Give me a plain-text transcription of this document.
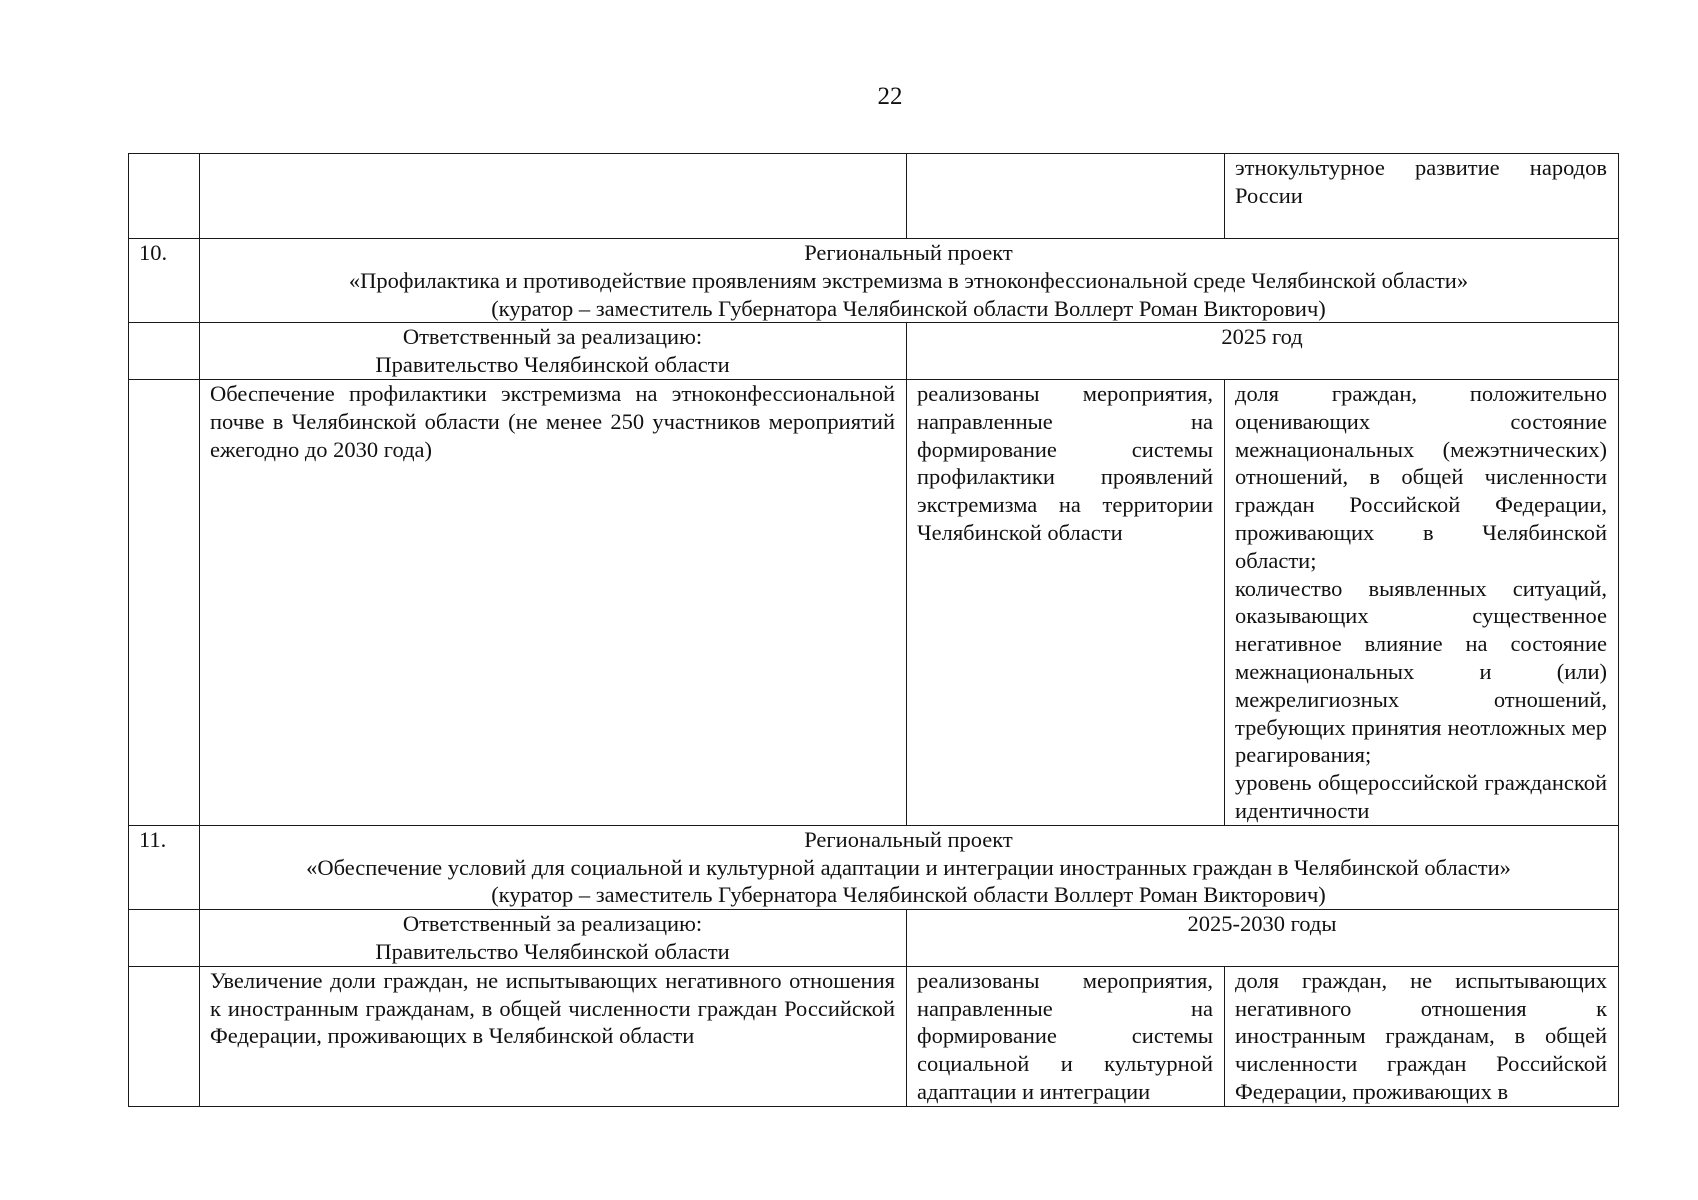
22
			этнокультурное развитие народов России
10.	Региональный проект
«Профилактика и противодействие проявлениям экстремизма в этноконфессиональной среде Челябинской области»
(куратор – заместитель Губернатора Челябинской области Воллерт Роман Викторович)		

	Ответственный за реализацию:
Правительство Челябинской области	2025 год	
	Обеспечение профилактики экстремизма на этноконфессиональной почве в Челябинской области (не менее 250 участников мероприятий ежегодно до 2030 года)	реализованы мероприятия, направленные на формирование системы профилактики проявлений экстремизма на территории Челябинской области	доля граждан, положительно оценивающих состояние межнациональных (межэтнических) отношений, в общей численности граждан Российской Федерации, проживающих в Челябинской области;
количество выявленных ситуаций, оказывающих существенное негативное влияние на состояние межнациональных и (или) межрелигиозных отношений, требующих принятия неотложных мер реагирования;
уровень общероссийской гражданской идентичности

11.	Региональный проект
«Обеспечение условий для социальной и культурной адаптации и интеграции иностранных граждан в Челябинской области»
(куратор – заместитель Губернатора Челябинской области Воллерт Роман Викторович)		

	Ответственный за реализацию:
Правительство Челябинской области	2025-2030 годы	
	Увеличение доли граждан, не испытывающих негативного отношения к иностранным гражданам, в общей численности граждан Российской Федерации, проживающих в Челябинской области	реализованы мероприятия, направленные на формирование системы социальной и культурной адаптации и интеграции	доля граждан, не испытывающих негативного отношения к иностранным гражданам, в общей численности граждан Российской Федерации, проживающих в
